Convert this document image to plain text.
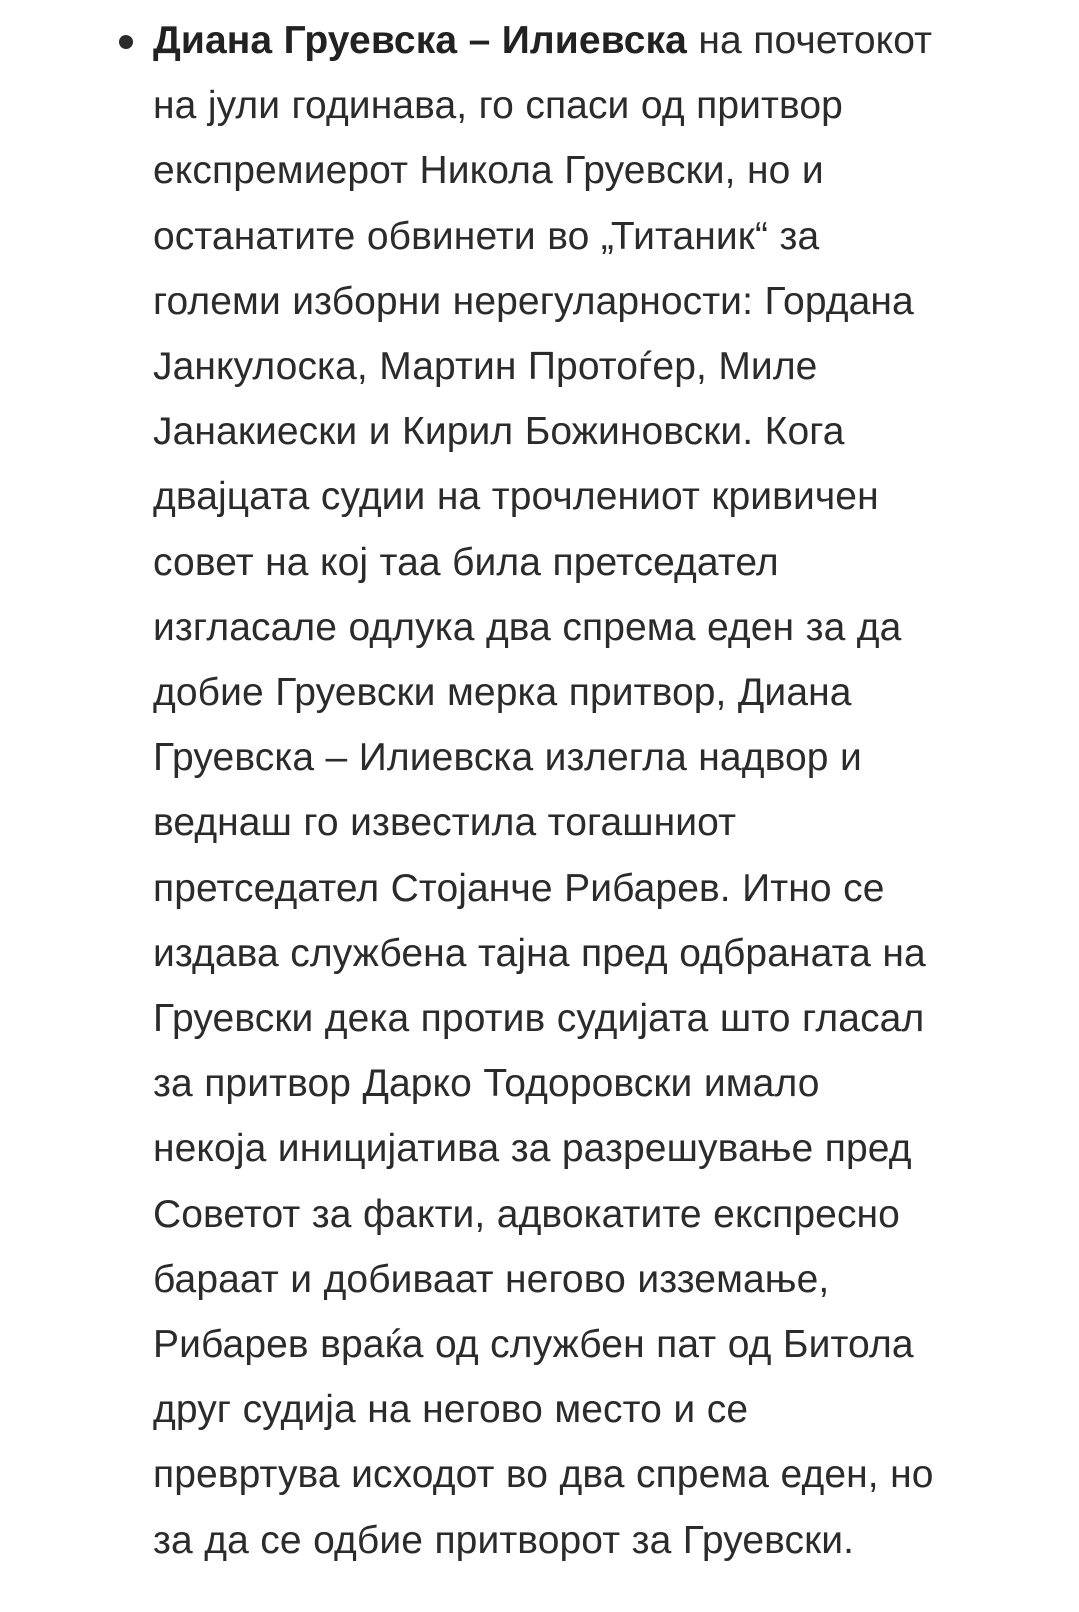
Диана Груевска – Илиевска на почетокот
на јули годинава, го спаси од притвор
експремиерот Никола Груевски, но и
останатите обвинети во „Титаник“ за
големи изборни нерегуларности: Гордана
Јанкулоска, Мартин Протоѓер, Миле
Јанакиески и Кирил Божиновски. Кога
двајцата судии на трочлениот кривичен
совет на кој таа била претседател
изгласале одлука два спрема еден за да
добие Груевски мерка притвор, Диана
Груевска – Илиевска излегла надвор и
веднаш го известила тогашниот
претседател Стојанче Рибарев. Итно се
издава службена тајна пред одбраната на
Груевски дека против судијата што гласал
за притвор Дарко Тодоровски имало
некоја иницијатива за разрешување пред
Советот за факти, адвокатите експресно
бараат и добиваат негово изземање,
Рибарев враќа од службен пат од Битола
друг судија на негово место и се
превртува исходот во два спрема еден, но
за да се одбие притворот за Груевски.
